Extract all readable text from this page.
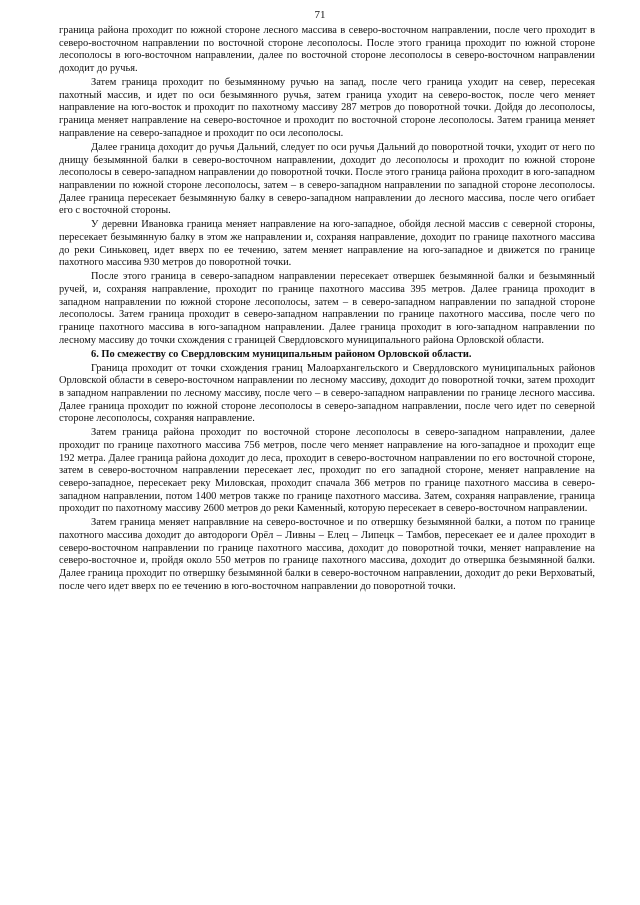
71

граница района проходит по южной стороне лесного массива в северо-восточном направлении, после чего проходит в северо-восточном направлении по восточной стороне лесополосы. После этого граница проходит по южной стороне лесополосы в юго-восточном направлении, далее по восточной стороне лесополосы в северо-восточном направлении доходит до ручья.

Затем граница проходит по безымянному ручью на запад, после чего граница уходит на север, пересекая пахотный массив, и идет по оси безымянного ручья, затем граница уходит на северо-восток, после чего меняет направление на юго-восток и проходит по пахотному массиву 287 метров до поворотной точки. Дойдя до лесополосы, граница меняет направление на северо-восточное и проходит по восточной стороне лесополосы. Затем граница меняет направление на северо-западное и проходит по оси лесополосы.

Далее граница доходит до ручья Дальний, следует по оси ручья Дальний до поворотной точки, уходит от него по днищу безымянной балки в северо-восточном направлении, доходит до лесополосы и проходит по южной стороне лесополосы в северо-западном направлении до поворотной точки. После этого граница района проходит в юго-западном направлении по южной стороне лесополосы, затем – в северо-западном направлении по западной стороне лесополосы. Далее граница пересекает безымянную балку в северо-западном направлении до лесного массива, после чего огибает его с восточной стороны.

У деревни Ивановка граница меняет направление на юго-западное, обойдя лесной массив с северной стороны, пересекает безымянную балку в этом же направлении и, сохраняя направление, доходит по границе пахотного массива до реки Синьковец, идет вверх по ее течению, затем меняет направление на юго-западное и движется по границе пахотного массива 930 метров до поворотной точки.

После этого граница в северо-западном направлении пересекает отвершек безымянной балки и безымянный ручей, и, сохраняя направление, проходит по границе пахотного массива 395 метров. Далее граница проходит в западном направлении по южной стороне лесополосы, затем – в северо-западном направлении по западной стороне лесополосы. Затем граница проходит в северо-западном направлении по границе пахотного массива, после чего по границе пахотного массива в юго-западном направлении. Далее граница проходит в юго-западном направлении по лесному массиву до точки схождения с границей Свердловского муниципального района Орловской области.

6. По смежеству со Свердловским муниципальным районом Орловской области.

Граница проходит от точки схождения границ Малоархангельского и Свердловского муниципальных районов Орловской области в северо-восточном направлении по лесному массиву, доходит до поворотной точки, затем проходит в западном направлении по лесному массиву, после чего – в северо-западном направлении по границе лесного массива. Далее граница проходит по южной стороне лесополосы в северо-западном направлении, после чего идет по северной стороне лесополосы, сохраняя направление.

Затем граница района проходит по восточной стороне лесополосы в северо-западном направлении, далее проходит по границе пахотного массива 756 метров, после чего меняет направление на юго-западное и проходит еще 192 метра. Далее граница района доходит до леса, проходит в северо-восточном направлении по его восточной стороне, затем в северо-восточном направлении пересекает лес, проходит по его западной стороне, меняет направление на северо-западное, пересекает реку Миловская, проходит спачала 366 метров по границе пахотного массива в северо-западном направлении, потом 1400 метров также по границе пахотного массива. Затем, сохраняя направление, граница проходит по пахотному массиву 2600 метров до реки Каменный, которую пересекает в северо-восточном направлении.

Затем граница меняет направлвние на северо-восточное и по отвершку безымянной балки, а потом по границе пахотного массива доходит до автодороги Орёл – Ливны – Елец – Липецк – Тамбов, пересекает ее и далее проходит в северо-восточном направлении по границе пахотного массива, доходит до поворотной точки, меняет направление на северо-восточное и, пройдя около 550 метров по границе пахотного массива, доходит до отвершка безымянной балки. Далее граница проходит по отвершку безымянной балки в северо-восточном направлении, доходит до реки Верховатый, после чего идет вверх по ее течению в юго-восточном направлении до поворотной точки.
